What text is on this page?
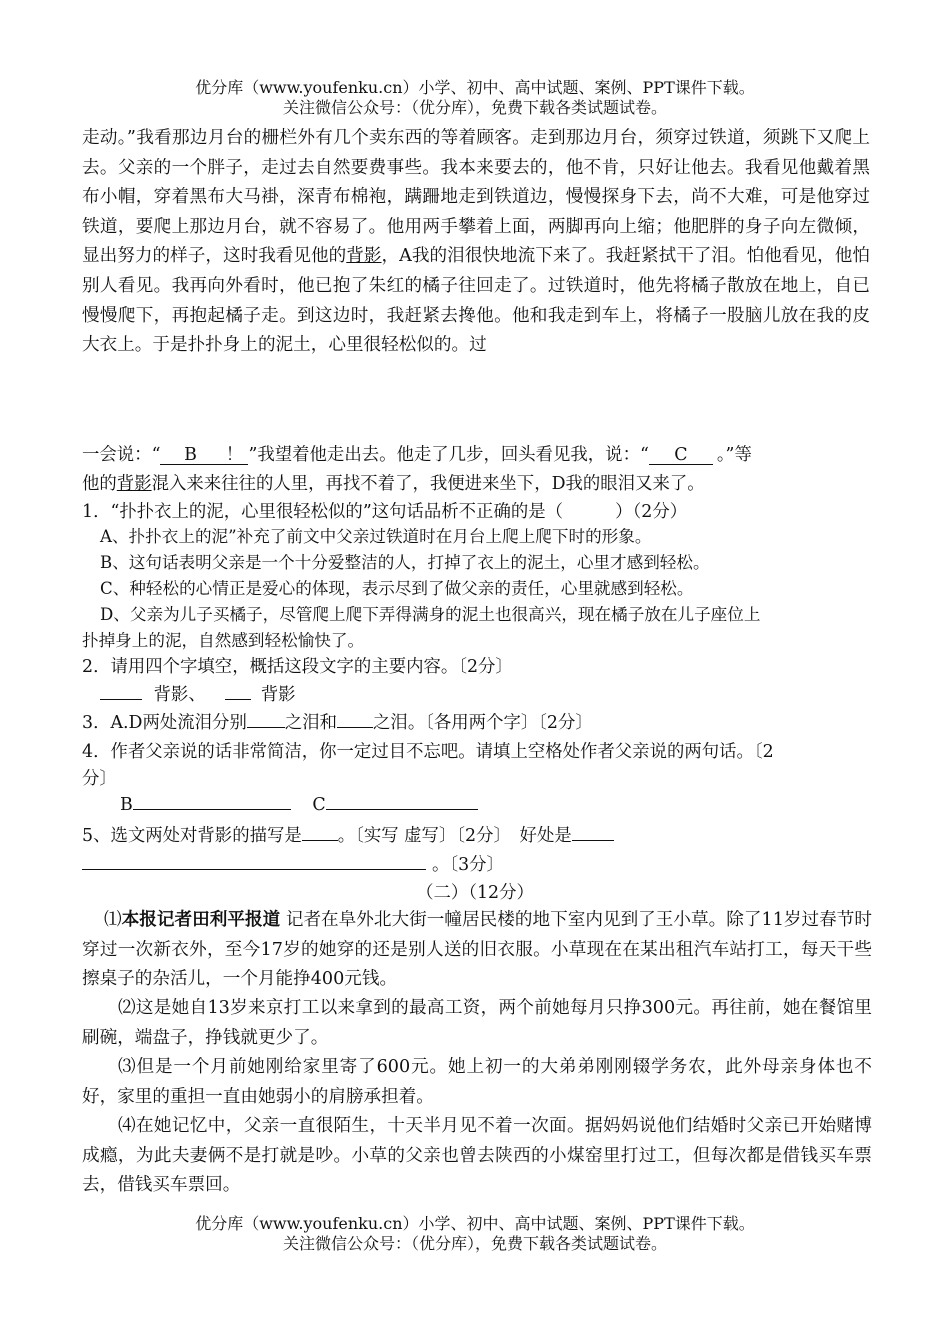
优分库（www.youfenku.cn）小学、初中、高中试题、案例、PPT课件下载。
关注微信公众号：（优分库），免费下载各类试题试卷。
走动。”我看那边月台的栅栏外有几个卖东西的等着顾客。走到那边月台，须穿过铁道，须跳下又爬上去。父亲的一个胖子，走过去自然要费事些。我本来要去的，他不肯，只好让他去。我看见他戴着黑布小帽，穿着黑布大马褂，深青布棉袍，蹒跚地走到铁道边，慢慢探身下去，尚不大难，可是他穿过铁道，要爬上那边月台，就不容易了。他用两手攀着上面，两脚再向上缩；他肥胖的身子向左微倾，显出努力的样子，这时我看见他的背影，A我的泪很快地流下来了。我赶紧拭干了泪。怕他看见，他怕别人看见。我再向外看时，他已抱了朱红的橘子往回走了。过铁道时，他先将橘子散放在地上，自已慢慢爬下，再抱起橘子走。到这边时，我赶紧去搀他。他和我走到车上，将橘子一股脑儿放在我的皮大衣上。于是扑扑身上的泥土，心里很轻松似的。过
一会说：“ B ！ ”我望着他走出去。他走了几步，回头看见我，说：“ C 。”等
他的背影混入来来往往的人里，再找不着了，我便进来坐下，D我的眼泪又来了。
1．“扑扑衣上的泥，心里很轻松似的”这句话品析不正确的是（　　　）（2分）
A、扑扑衣上的泥”补充了前文中父亲过铁道时在月台上爬上爬下时的形象。
B、这句话表明父亲是一个十分爱整洁的人，打掉了衣上的泥土，心里才感到轻松。
C、种轻松的心情正是爱心的体现，表示尽到了做父亲的责任，心里就感到轻松。
D、父亲为儿子买橘子，尽管爬上爬下弄得满身的泥土也很高兴，现在橘子放在儿子座位上
扑掉身上的泥，自然感到轻松愉快了。
2．请用四个字填空，概括这段文字的主要内容。〔2分〕
背影、	背影
3．A.D两处流泪分别 之泪和 之泪。〔各用两个字〕〔2分〕
4．作者父亲说的话非常简洁，你一定过目不忘吧。请填上空格处作者父亲说的两句话。〔2
分〕
B	C
5、选文两处对背影的描写是 。〔实写 虚写〕〔2分〕　好处是
。〔3分〕
（二）（12分）
⑴本报记者田利平报道 记者在阜外北大街一幢居民楼的地下室内见到了王小草。除了11岁过春节时穿过一次新衣外，至今17岁的她穿的还是别人送的旧衣服。小草现在在某出租汽车站打工，每天干些擦桌子的杂活儿，一个月能挣400元钱。
⑵这是她自13岁来京打工以来拿到的最高工资，两个前她每月只挣300元。再往前，她在餐馆里刷碗，端盘子，挣钱就更少了。
⑶但是一个月前她刚给家里寄了600元。她上初一的大弟弟刚刚辍学务农，此外母亲身体也不好，家里的重担一直由她弱小的肩膀承担着。
⑷在她记忆中，父亲一直很陌生，十天半月见不着一次面。据妈妈说他们结婚时父亲已开始赌博成瘾，为此夫妻俩不是打就是吵。小草的父亲也曾去陕西的小煤窑里打过工，但每次都是借钱买车票去，借钱买车票回。
优分库（www.youfenku.cn）小学、初中、高中试题、案例、PPT课件下载。
关注微信公众号：（优分库），免费下载各类试题试卷。
